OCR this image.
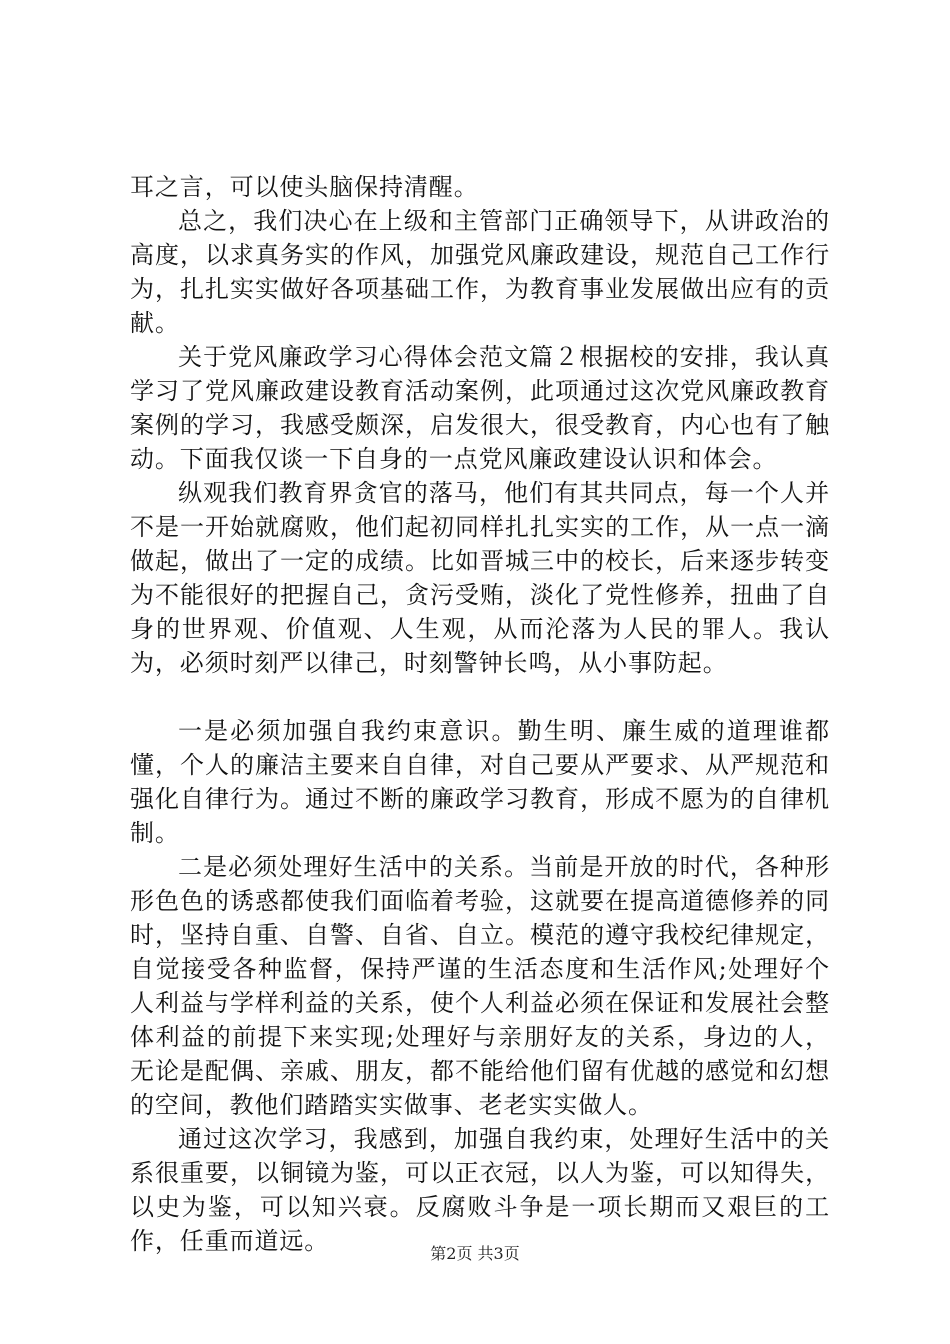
耳之言，可以使头脑保持清醒。

总之，我们决心在上级和主管部门正确领导下，从讲政治的高度，以求真务实的作风，加强党风廉政建设，规范自己工作行为，扎扎实实做好各项基础工作，为教育事业发展做出应有的贡献。

关于党风廉政学习心得体会范文篇２根据校的安排，我认真学习了党风廉政建设教育活动案例，此项通过这次党风廉政教育案例的学习，我感受颇深，启发很大，很受教育，内心也有了触动。下面我仅谈一下自身的一点党风廉政建设认识和体会。

纵观我们教育界贪官的落马，他们有其共同点，每一个人并不是一开始就腐败，他们起初同样扎扎实实的工作，从一点一滴做起，做出了一定的成绩。比如晋城三中的校长，后来逐步转变为不能很好的把握自己，贪污受贿，淡化了党性修养，扭曲了自身的世界观、价值观、人生观，从而沦落为人民的罪人。我认为，必须时刻严以律己，时刻警钟长鸣，从小事防起。

一是必须加强自我约束意识。勤生明、廉生威的道理谁都懂，个人的廉洁主要来自自律，对自己要从严要求、从严规范和强化自律行为。通过不断的廉政学习教育，形成不愿为的自律机制。

二是必须处理好生活中的关系。当前是开放的时代，各种形形色色的诱惑都使我们面临着考验，这就要在提高道德修养的同时，坚持自重、自警、自省、自立。模范的遵守我校纪律规定，自觉接受各种监督，保持严谨的生活态度和生活作风;处理好个人利益与学样利益的关系，使个人利益必须在保证和发展社会整体利益的前提下来实现;处理好与亲朋好友的关系，身边的人，无论是配偶、亲戚、朋友，都不能给他们留有优越的感觉和幻想的空间，教他们踏踏实实做事、老老实实做人。

通过这次学习，我感到，加强自我约束，处理好生活中的关系很重要，以铜镜为鉴，可以正衣冠，以人为鉴，可以知得失，以史为鉴，可以知兴衰。反腐败斗争是一项长期而又艰巨的工作，任重而道远。	第2页 共3页
